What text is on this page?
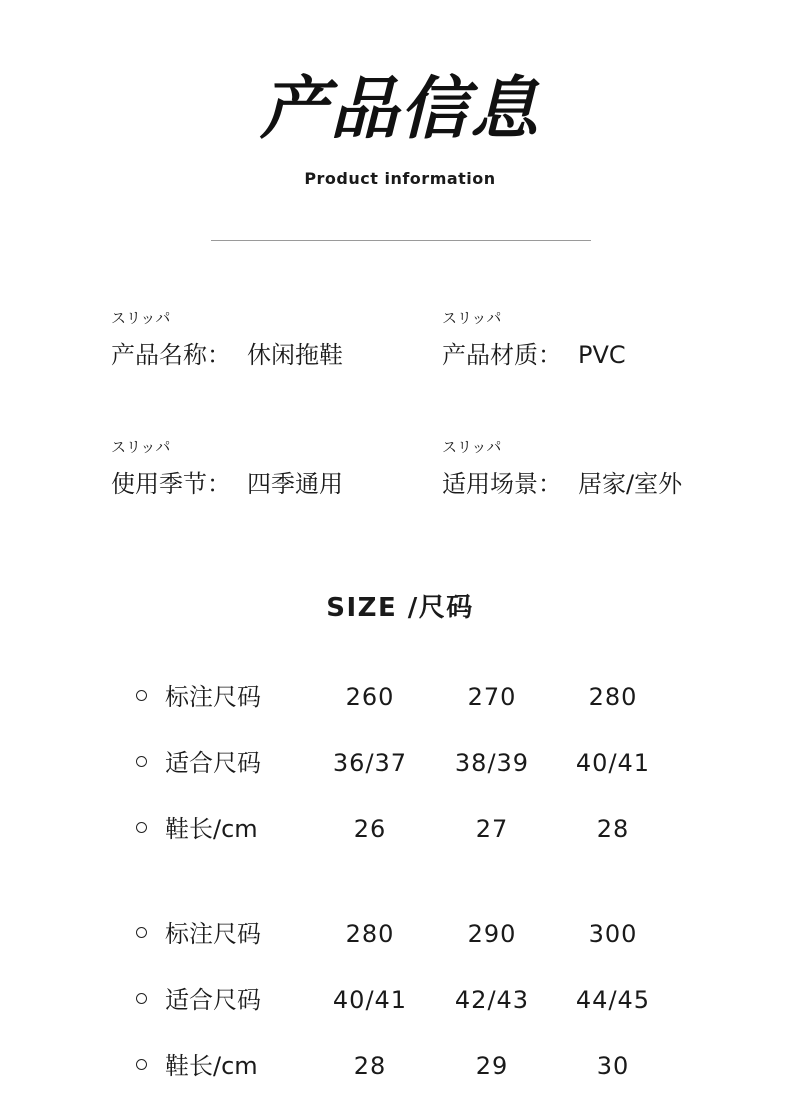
产品信息
Product information
スリッパ
产品名称： 休闲拖鞋
スリッパ
产品材质： PVC
スリッパ
使用季节： 四季通用
スリッパ
适用场景： 居家/室外
SIZE /尺码
标注尺码	260	270	280
适合尺码	36/37	38/39	40/41
鞋长/cm	26	27	28
标注尺码	280	290	300
适合尺码	40/41	42/43	44/45
鞋长/cm	28	29	30
